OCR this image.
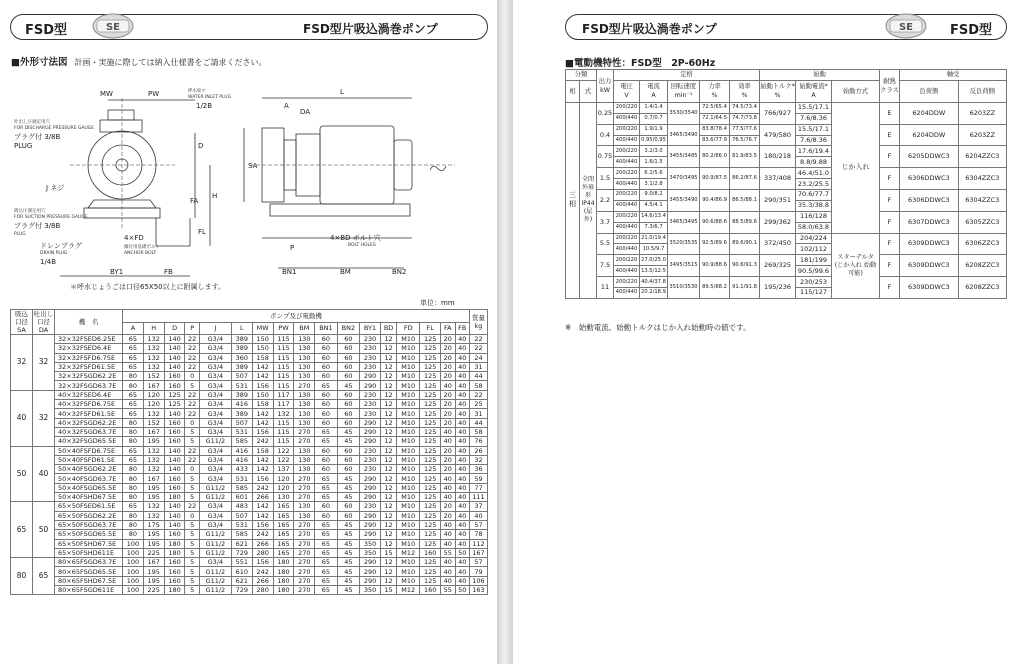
FSD型	SE	FSD型片吸込渦巻ポンプ
■外形寸法図 計画・実施に際しては納入仕様書をご請求ください。
吐出し圧測定用穴
FOR DISCHARGE PRESSURE GAUGE
プラグ付 3/8B
PLUG
呼水栓＊
WATER INLET PLUG
1/2B
J ネジ
吸込圧測定用穴
FOR SUCTION PRESSURE GAUGE
プラグ付 3/8B
PLUG
ドレンプラグ
DRAIN PLUG
1/4B
4×FD
據付用基礎ボルト
ANCHOR BOLT
4×BD ボルト穴
BOLT HOLES
MW	PW
D
H
FA
FL
BY1	FB
A
DA
L
SA
P
BN1	BM	BN2
＊呼水じょうごは口径65X50以上に附属します。
単位：mm
吸込
口径
SA	吐出し
口径
DA	機　名	ポンプ及び電動機																	質量
kg
			A	H	D	P	J	L	MW	PW	BM	BN1	BN2	BY1	BD	FD	FL	FA	FB	
32	32	32×32FSED6.25E	65	132	140	22	G3/4	389	150	115	130	60	60	230	12	M10	125	20	40	22
		32×32FSED6.4E	65	132	140	22	G3/4	389	150	115	130	60	60	230	12	M10	125	20	40	22
		32×32FSFD6.75E	65	132	140	22	G3/4	360	158	115	130	60	60	230	12	M10	125	20	40	24
		32×32FSFD61.5E	65	132	140	22	G3/4	389	142	115	130	60	60	230	12	M10	125	20	40	31
		32×32FSGD62.2E	80	152	160	0	G3/4	507	142	115	130	60	60	290	12	M10	125	20	40	44
		32×32FSGD63.7E	80	167	160	5	G3/4	531	156	115	270	65	45	290	12	M10	125	40	40	58
40	32	40×32FSED6.4E	65	120	125	22	G3/4	389	150	117	130	60	60	230	12	M10	125	20	40	22
		40×32FSFD6.75E	65	120	125	22	G3/4	416	158	117	130	60	60	230	12	M10	125	20	40	25
		40×32FSFD61.5E	65	132	140	22	G3/4	389	142	132	130	60	60	230	12	M10	125	20	40	31
		40×32FSGD62.2E	80	152	160	0	G3/4	507	142	115	130	60	60	290	12	M10	125	20	40	44
		40×32FSGD63.7E	80	167	160	5	G3/4	531	156	115	270	65	45	290	12	M10	125	40	40	58
		40×32FSGD65.5E	80	195	160	5	G11/2	585	242	115	270	65	45	290	12	M10	125	40	40	76
50	40	50×40FSFD6.75E	65	132	140	22	G3/4	416	158	122	130	60	60	230	12	M10	125	20	40	26
		50×40FSFD61.5E	65	132	140	22	G3/4	416	142	122	130	60	60	230	12	M10	125	20	40	32
		50×40FSGD62.2E	80	132	140	0	G3/4	433	142	137	130	60	60	230	12	M10	125	20	40	36
		50×40FSGD63.7E	80	167	160	5	G3/4	531	156	120	270	65	45	290	12	M10	125	40	40	59
		50×40FSGD65.5E	80	195	160	5	G11/2	585	242	120	270	65	45	290	12	M10	125	40	40	77
		50×40FSHD67.5E	80	195	180	5	G11/2	601	266	130	270	65	45	290	12	M10	125	40	40	111
65	50	65×50FSED61.5E	65	132	140	22	G3/4	483	142	165	130	60	60	230	12	M10	125	20	40	37
		65×50FSGD62.2E	80	132	140	0	G3/4	507	142	165	130	60	60	290	12	M10	125	20	40	40
		65×50FSGD63.7E	80	175	140	5	G3/4	531	156	165	270	65	45	290	12	M10	125	40	40	57
		65×50FSGD65.5E	80	195	160	5	G11/2	585	242	165	270	65	45	290	12	M10	125	40	40	78
		65×50FSHD67.5E	100	195	180	5	G11/2	621	266	165	270	65	45	350	12	M10	125	40	40	112
		65×50FSHD611E	100	225	180	5	G11/2	729	280	165	270	65	45	350	15	M12	160	55	50	167
80	65	80×65FSGD63.7E	100	167	160	5	G3/4	551	156	180	270	65	45	290	12	M10	125	40	40	57
		80×65FSGD65.5E	100	195	160	5	G11/2	610	242	180	270	65	45	290	12	M10	125	40	40	79
		80×65FSHD67.5E	100	195	160	5	G11/2	621	266	180	270	65	45	290	12	M10	125	40	40	106
		80×65FSGD611E	100	225	180	5	G11/2	729	280	180	270	65	45	350	15	M12	160	55	50	163
FSD型片吸込渦巻ポンプ	SE	FSD型
■電動機特性：FSD型　2P-60Hz
分類		出力
kW	定格					始動			耐熱
クラス	軸受	
相	式		電圧
V	電流
A	回転速度
min⁻¹	力率
%	効率
%	始動トルク*
%	始動電流*
A	始動方式		負荷側	反負荷側
三相	全閉外扇形 IP44 (屋外)	0.25	200/220	1.4/1.4	3530/3540	72.5/65.4	74.5/73.4	766/927	15.5/17.1	じか入れ	E	6204DDW	6203ZZ
			400/440	0.7/0.7		72.1/64.5	74.7/73.8		7.6/8.36				
		0.4	200/220	1.9/1.9	3465/3490	83.8/78.4	77.5/77.6	479/580	15.5/17.1		E	6204DDW	6203ZZ
			400/440	0.95/0.95		83.6/77.9	76.5/76.7		7.6/8.36				
		0.75	200/220	3.2/3.0	3455/3485	80.2/86.0	81.9/83.5	180/218	17.6/19.4		F	6205DDWC3	6204ZZC3
			400/440	1.6/1.5					8.8/9.88				
		1.5	200/220	6.2/5.6	3470/3495	90.9/87.5	86.2/87.6	337/408	46.4/51.0		F	6306DDWC3	6304ZZC3
			400/440	3.1/2.8					23.2/25.5				
		2.2	200/220	9.0/8.2	3455/3490	90.4/86.9	86.5/88.1	290/351	70.6/77.7		F	6306DDWC3	6304ZZC3
			400/440	4.5/4.1					35.3/38.8				
		3.7	200/220	14.6/13.4	3465/3495	90.6/88.6	88.5/89.6	299/362	116/128		F	6307DDWC3	6305ZZC3
			400/440	7.3/6.7					58.0/63.8				
		5.5	200/220	21.0/19.4	3520/3535	92.5/89.6	89.6/90.1	372/450	204/224	スターデルタ (じか入れ 始動可能)	F	6309DDWC3	6306ZZC3
			400/440	10.5/9.7					102/112				
		7.5	200/220	27.0/25.0	3495/3515	90.9/88.6	90.6/91.3	269/325	181/199		F	6309DDWC3	6208ZZC3
			400/440	13.5/12.5					90.5/99.6				
		11	200/220	40.4/37.8	3510/3530	89.5/88.2	91.1/91.8	195/236	230/253		F	6309DDWC3	6208ZZC3
			400/440	20.2/18.9					115/127				
※　始動電流、始動トルクはじか入れ始動時の値です。
